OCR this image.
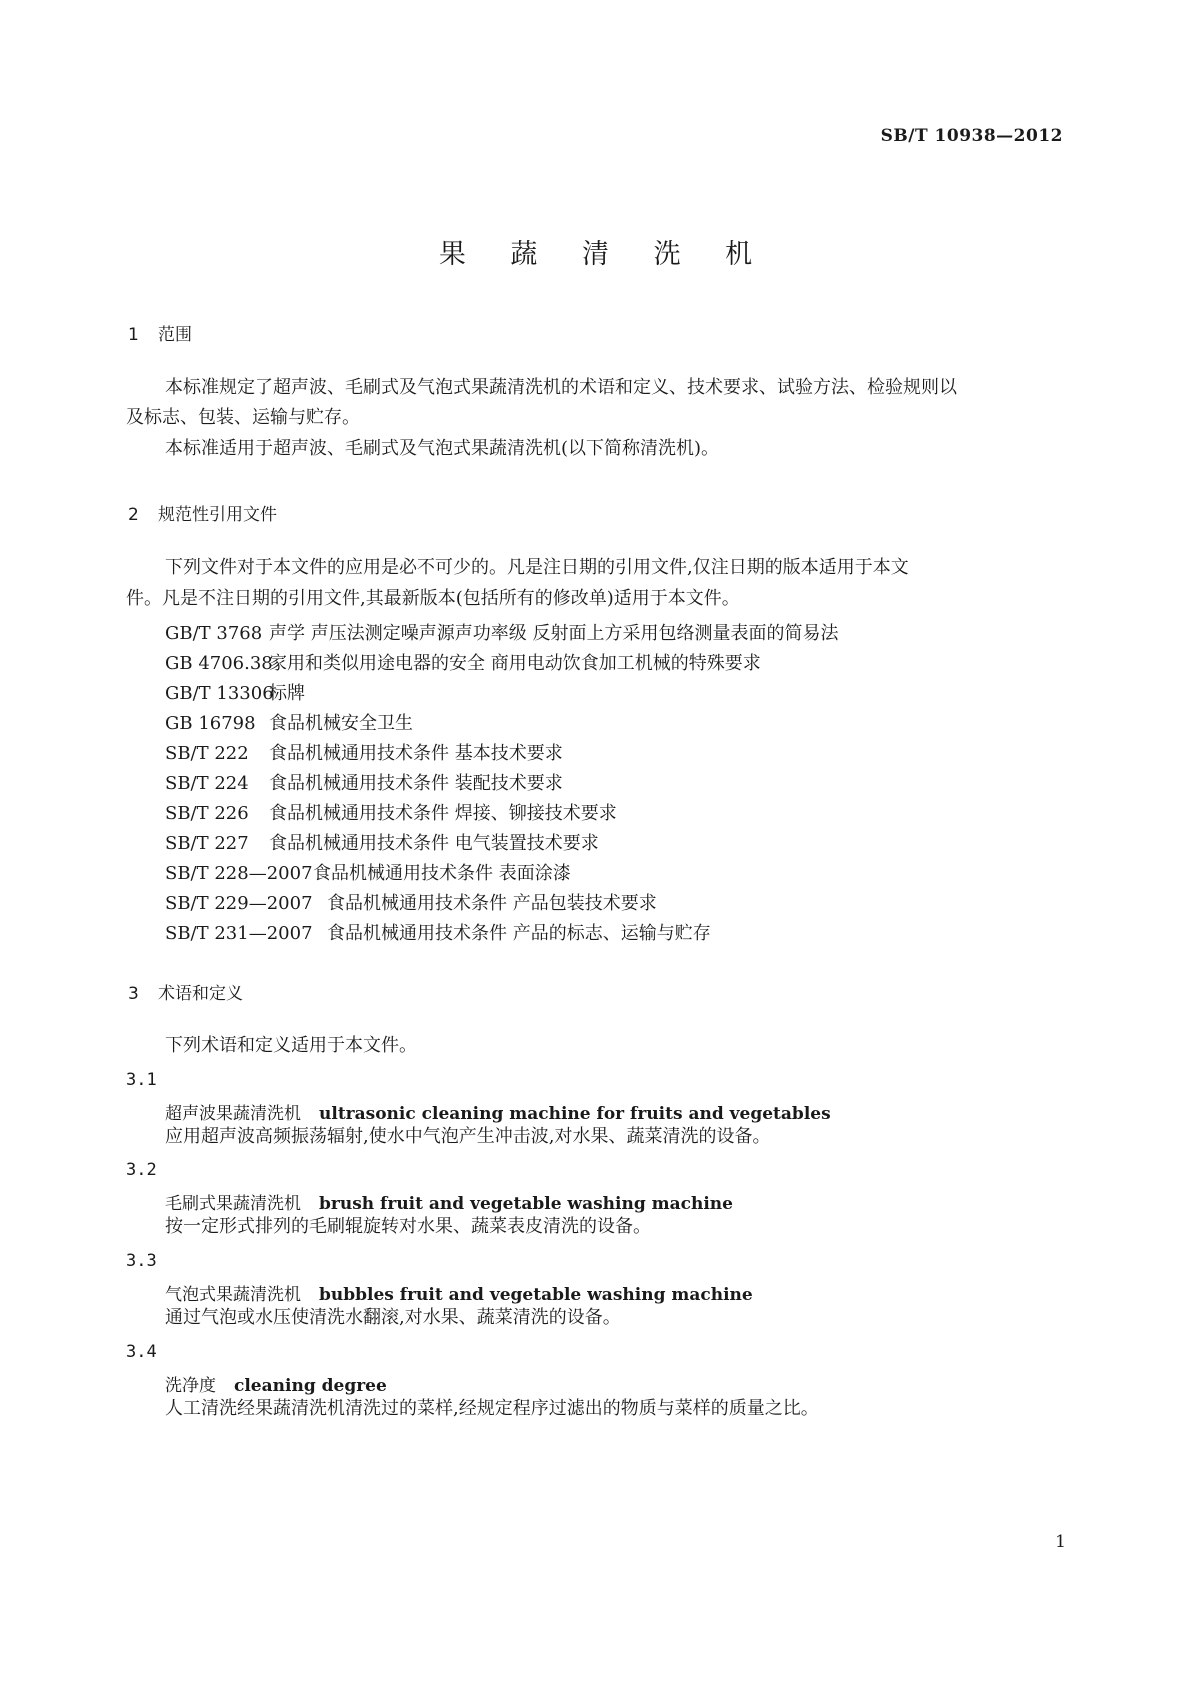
SB/T 10938—2012
果 蔬 清 洗 机
1 范围
本标准规定了超声波、毛刷式及气泡式果蔬清洗机的术语和定义、技术要求、试验方法、检验规则以
及标志、包装、运输与贮存。
本标准适用于超声波、毛刷式及气泡式果蔬清洗机(以下简称清洗机)。
2 规范性引用文件
下列文件对于本文件的应用是必不可少的。凡是注日期的引用文件,仅注日期的版本适用于本文
件。凡是不注日期的引用文件,其最新版本(包括所有的修改单)适用于本文件。
GB/T 3768 声学 声压法测定噪声源声功率级 反射面上方采用包络测量表面的简易法
GB 4706.38家用和类似用途电器的安全 商用电动饮食加工机械的特殊要求
GB/T 13306标牌
GB 16798 食品机械安全卫生
SB/T 222 食品机械通用技术条件 基本技术要求
SB/T 224 食品机械通用技术条件 装配技术要求
SB/T 226 食品机械通用技术条件 焊接、铆接技术要求
SB/T 227 食品机械通用技术条件 电气装置技术要求
SB/T 228—2007食品机械通用技术条件 表面涂漆
SB/T 229—2007 食品机械通用技术条件 产品包装技术要求
SB/T 231—2007 食品机械通用技术条件 产品的标志、运输与贮存
3 术语和定义
下列术语和定义适用于本文件。
3.1
超声波果蔬清洗机 ultrasonic cleaning machine for fruits and vegetables
应用超声波高频振荡辐射,使水中气泡产生冲击波,对水果、蔬菜清洗的设备。
3.2
毛刷式果蔬清洗机 brush fruit and vegetable washing machine
按一定形式排列的毛刷辊旋转对水果、蔬菜表皮清洗的设备。
3.3
气泡式果蔬清洗机 bubbles fruit and vegetable washing machine
通过气泡或水压使清洗水翻滚,对水果、蔬菜清洗的设备。
3.4
洗净度 cleaning degree
人工清洗经果蔬清洗机清洗过的菜样,经规定程序过滤出的物质与菜样的质量之比。
1
